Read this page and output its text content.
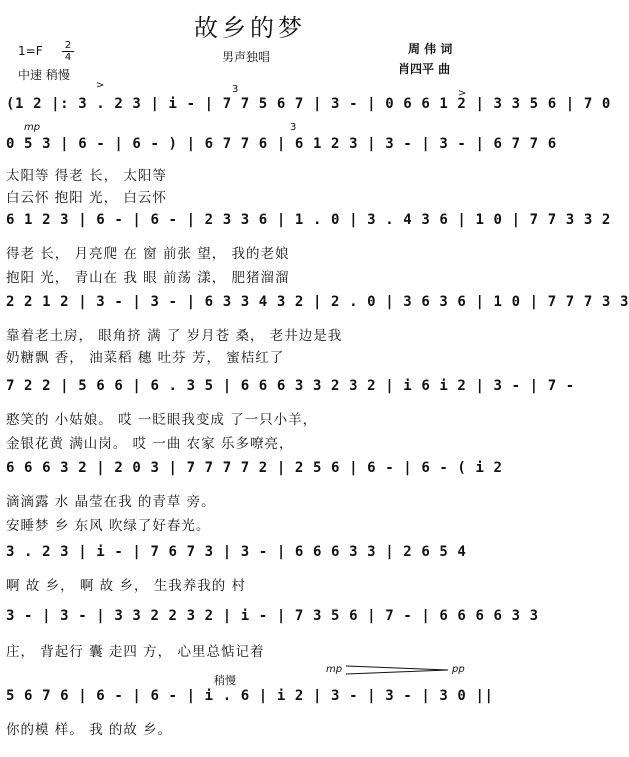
故乡的梦
1=F 2
4
中速 稍慢
男声独唱
周 伟 词
肖四平 曲
(1 2 |: 3 . 2 3 | i - | 7 7 5 6 7 | 3 - | 0 6 6 1 2 | 3 3 5 6 | 7 0
0 5 3 | 6 - | 6 - ) | 6 7 7 6 | 6 1 2 3 | 3 - | 3 - | 6 7 7 6
6 1 2 3 | 6 - | 6 - | 2 3 3 6 | 1 . 0 | 3 . 4 3 6 | 1 0 | 7 7 3 3 2
2 2 1 2 | 3 - | 3 - | 6 3 3 4 3 2 | 2 . 0 | 3 6 3 6 | 1 0 | 7 7 7 3 3
7 2 2 | 5 6 6 | 6 . 3 5 | 6 6 6 3 3 2 3 2 | i 6 i 2 | 3 - | 7 -
6 6 6 3 2 | 2 0 3 | 7 7 7 7 2 | 2 5 6 | 6 - | 6 - ( i 2
3 . 2 3 | i - | 7 6 7 3 | 3 - | 6 6 6 3 3 | 2 6 5 4
3 - | 3 - | 3 3 2 2 3 2 | i - | 7 3 5 6 | 7 - | 6 6 6 6 3 3
5 6 7 6 | 6 - | 6 - | i . 6 | i 2 | 3 - | 3 - | 3 0 ||
太阳等 得老 长， 太阳等
白云怀 抱阳 光， 白云怀
得老 长， 月亮爬 在 窗 前张 望， 我的老娘
抱阳 光， 青山在 我 眼 前荡 漾， 肥猪溜溜
靠着老土房， 眼角挤 满 了 岁月苍 桑， 老井边是我
奶糖飘 香， 油菜稻 穗 吐芬 芳， 蜜桔红了
憨笑的 小姑娘。 哎 一眨眼我变成 了一只小羊，
金银花黄 满山岗。 哎 一曲 农家 乐多嘹亮，
滴滴露 水 晶莹在我 的青草 旁。
安睡梦 乡 东风 吹绿了好春光。
啊 故 乡， 啊 故 乡， 生我养我的 村
庄， 背起行 囊 走四 方， 心里总惦记着
你的模 样。 我 的故 乡。
mp
>
>
3
3
稍慢
mp	pp
